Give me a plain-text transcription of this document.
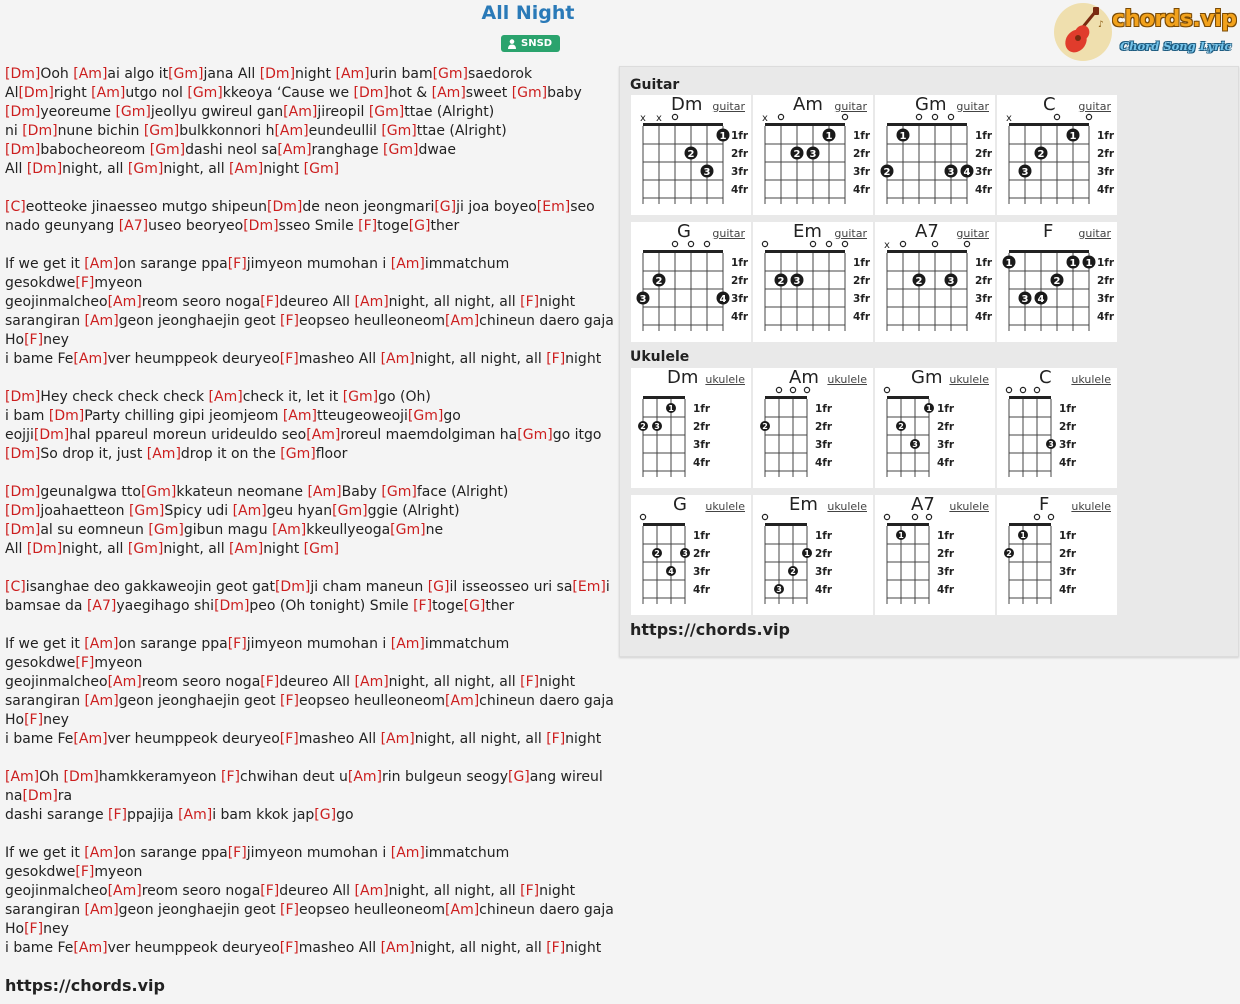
All Night
SNSD
♪ chords.vip
Chord Song Lyric
[Dm]Ooh [Am]ai algo it[Gm]jana All [Dm]night [Am]urin bam[Gm]saedorok
Al[Dm]right [Am]utgo nol [Gm]kkeoya ‘Cause we [Dm]hot & [Am]sweet [Gm]baby
[Dm]yeoreume [Gm]jeollyu gwireul gan[Am]jireopil [Gm]ttae (Alright)
ni [Dm]nune bichin [Gm]bulkkonnori h[Am]eundeullil [Gm]ttae (Alright)
[Dm]babocheoreom [Gm]dashi neol sa[Am]ranghage [Gm]dwae
All [Dm]night, all [Gm]night, all [Am]night [Gm]
[C]eotteoke jinaesseo mutgo shipeun[Dm]de neon jeongmari[G]ji joa boyeo[Em]seo
nado geunyang [A7]useo beoryeo[Dm]sseo Smile [F]toge[G]ther
If we get it [Am]on sarange ppa[F]jimyeon mumohan i [Am]immatchum
gesokdwe[F]myeon
geojinmalcheo[Am]reom seoro noga[F]deureo All [Am]night, all night, all [F]night
sarangiran [Am]geon jeonghaejin geot [F]eopseo heulleoneom[Am]chineun daero gaja
Ho[F]ney
i bame Fe[Am]ver heumppeok deuryeo[F]masheo All [Am]night, all night, all [F]night
[Dm]Hey check check check [Am]check it, let it [Gm]go (Oh)
i bam [Dm]Party chilling gipi jeomjeom [Am]tteugeoweoji[Gm]go
eojji[Dm]hal ppareul moreun urideuldo seo[Am]roreul maemdolgiman ha[Gm]go itgo
[Dm]So drop it, just [Am]drop it on the [Gm]floor
[Dm]geunalgwa tto[Gm]kkateun neomane [Am]Baby [Gm]face (Alright)
[Dm]joahaetteon [Gm]Spicy udi [Am]geu hyan[Gm]ggie (Alright)
[Dm]al su eomneun [Gm]gibun magu [Am]kkeullyeoga[Gm]ne
All [Dm]night, all [Gm]night, all [Am]night [Gm]
[C]isanghae deo gakkaweojin geot gat[Dm]ji cham maneun [G]il isseosseo uri sa[Em]i
bamsae da [A7]yaegihago shi[Dm]peo (Oh tonight) Smile [F]toge[G]ther
If we get it [Am]on sarange ppa[F]jimyeon mumohan i [Am]immatchum
gesokdwe[F]myeon
geojinmalcheo[Am]reom seoro noga[F]deureo All [Am]night, all night, all [F]night
sarangiran [Am]geon jeonghaejin geot [F]eopseo heulleoneom[Am]chineun daero gaja
Ho[F]ney
i bame Fe[Am]ver heumppeok deuryeo[F]masheo All [Am]night, all night, all [F]night
[Am]Oh [Dm]hamkkeramyeon [F]chwihan deut u[Am]rin bulgeun seogy[G]ang wireul
na[Dm]ra
dashi sarange [F]ppajija [Am]i bam kkok jap[G]go
If we get it [Am]on sarange ppa[F]jimyeon mumohan i [Am]immatchum
gesokdwe[F]myeon
geojinmalcheo[Am]reom seoro noga[F]deureo All [Am]night, all night, all [F]night
sarangiran [Am]geon jeonghaejin geot [F]eopseo heulleoneom[Am]chineun daero gaja
Ho[F]ney
i bame Fe[Am]ver heumppeok deuryeo[F]masheo All [Am]night, all night, all [F]night
https://chords.vip
Guitar
1fr
2fr
3fr
4fr
x x
1
2
3
Dm guitar
1fr
2fr
3fr
4fr
x
1
2 3
Am guitar
1fr
2fr
3fr
4fr
1
2	3 4
Gm guitar
1fr
2fr
3fr
4fr
x
1
2
3
C guitar
1fr
2fr
3fr
4fr
2
3	4
G guitar
1fr
2fr
3fr
4fr
2 3
Em guitar
1fr
2fr
3fr
4fr
x
2	3
A7 guitar
1fr
2fr
3fr
4fr
1	1 1
2
3 4
F guitar
Ukulele
1fr
2fr
3fr
4fr
1
2 3
Dm ukulele
1fr
2fr
3fr
4fr
2
Am ukulele
1fr
2fr
3fr
4fr
1
2
3
Gm ukulele
1fr
2fr
3fr
4fr
3
C ukulele
1fr
2fr
3fr
4fr
2	3
4
G ukulele
1fr
2fr
3fr
4fr
1
2
3
Em ukulele
1fr
2fr
3fr
4fr
1
A7 ukulele
1fr
2fr
3fr
4fr
1
2
F ukulele
https://chords.vip
